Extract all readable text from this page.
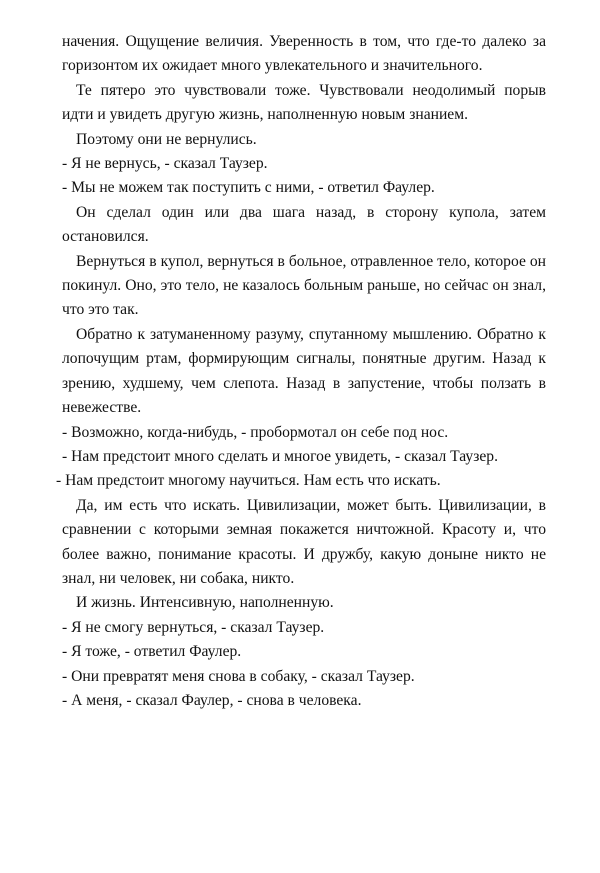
начения. Ощущение величия. Уверенность в том, что где-то далеко за горизонтом их ожидает много увлекательного и значительного.

Те пятеро это чувствовали тоже. Чувствовали неодолимый порыв идти и увидеть другую жизнь, наполненную новым знанием.

Поэтому они не вернулись.

- Я не вернусь, - сказал Таузер.

- Мы не можем так поступить с ними, - ответил Фаулер.

Он сделал один или два шага назад, в сторону купола, затем остановился.

Вернуться в купол, вернуться в больное, отравленное тело, которое он покинул. Оно, это тело, не казалось больным раньше, но сейчас он знал, что это так.

Обратно к затуманенному разуму, спутанному мышлению. Обратно к лопочущим ртам, формирующим сигналы, понятные другим. Назад к зрению, худшему, чем слепота. Назад в запустение, чтобы ползать в невежестве.

- Возможно, когда-нибудь, - пробормотал он себе под нос.

- Нам предстоит много сделать и многое увидеть, - сказал Таузер.

- Нам предстоит многому научиться. Нам есть что искать.

Да, им есть что искать. Цивилизации, может быть. Цивилизации, в сравнении с которыми земная покажется ничтожной. Красоту и, что более важно, понимание красоты. И дружбу, какую доныне никто не знал, ни человек, ни собака, никто.

И жизнь. Интенсивную, наполненную.

- Я не смогу вернуться, - сказал Таузер.

- Я тоже, - ответил Фаулер.

- Они превратят меня снова в собаку, - сказал Таузер.

- А меня, - сказал Фаулер, - снова в человека.
